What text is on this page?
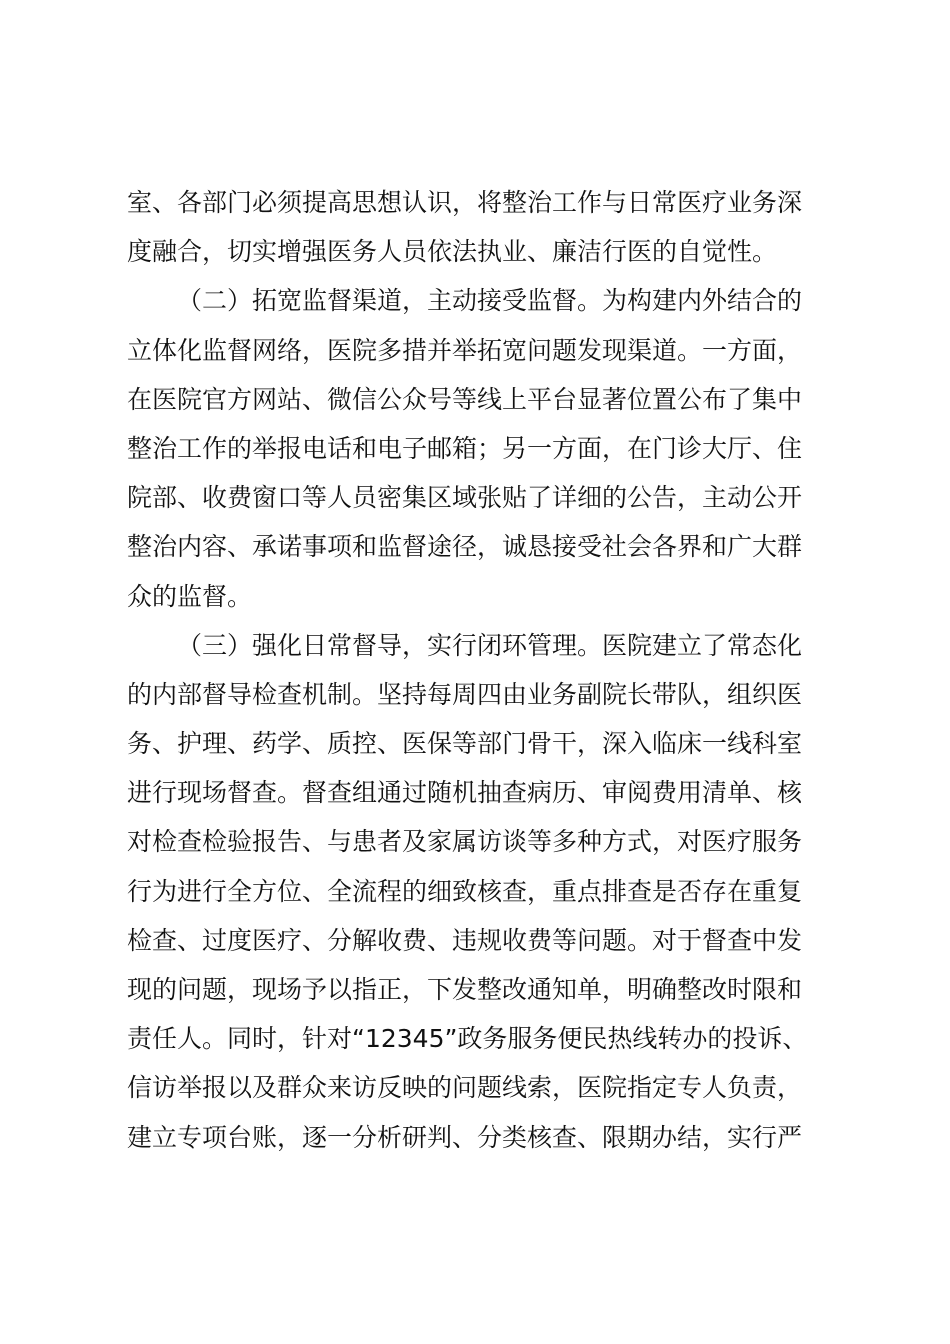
室、各部门必须提高思想认识，将整治工作与日常医疗业务深
度融合，切实增强医务人员依法执业、廉洁行医的自觉性。
（二）拓宽监督渠道，主动接受监督。为构建内外结合的
立体化监督网络，医院多措并举拓宽问题发现渠道。一方面，
在医院官方网站、微信公众号等线上平台显著位置公布了集中
整治工作的举报电话和电子邮箱；另一方面，在门诊大厅、住
院部、收费窗口等人员密集区域张贴了详细的公告，主动公开
整治内容、承诺事项和监督途径，诚恳接受社会各界和广大群
众的监督。
（三）强化日常督导，实行闭环管理。医院建立了常态化
的内部督导检查机制。坚持每周四由业务副院长带队，组织医
务、护理、药学、质控、医保等部门骨干，深入临床一线科室
进行现场督查。督查组通过随机抽查病历、审阅费用清单、核
对检查检验报告、与患者及家属访谈等多种方式，对医疗服务
行为进行全方位、全流程的细致核查，重点排查是否存在重复
检查、过度医疗、分解收费、违规收费等问题。对于督查中发
现的问题，现场予以指正，下发整改通知单，明确整改时限和
责任人。同时，针对“12345”政务服务便民热线转办的投诉、
信访举报以及群众来访反映的问题线索，医院指定专人负责，
建立专项台账，逐一分析研判、分类核查、限期办结，实行严
